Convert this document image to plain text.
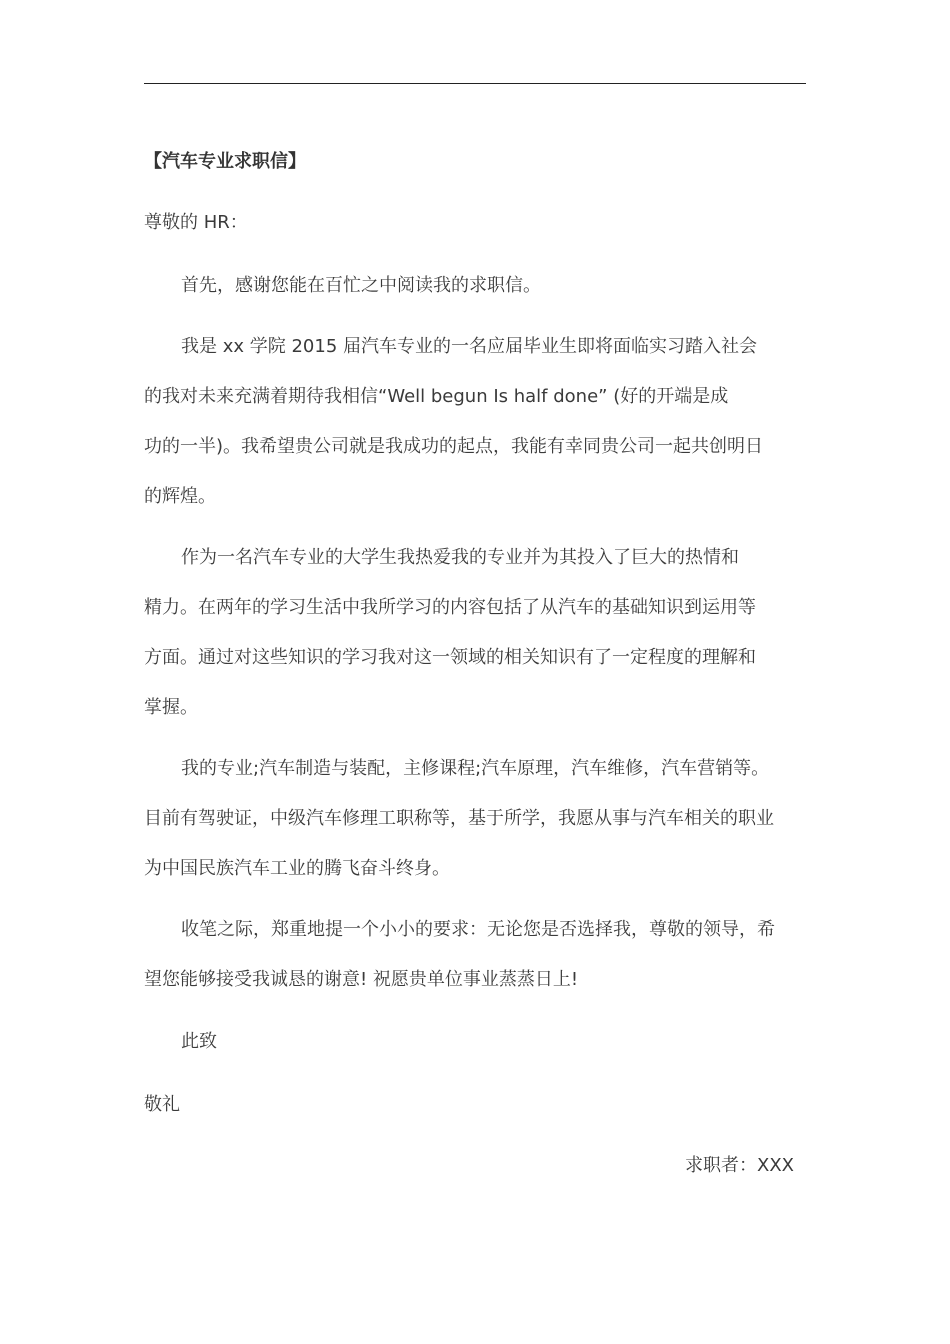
【汽车专业求职信】
尊敬的 HR：
首先，感谢您能在百忙之中阅读我的求职信。
我是 xx 学院 2015 届汽车专业的一名应届毕业生即将面临实习踏入社会
的我对未来充满着期待我相信“Well begun Is half done” (好的开端是成
功的一半)。我希望贵公司就是我成功的起点，我能有幸同贵公司一起共创明日
的辉煌。
作为一名汽车专业的大学生我热爱我的专业并为其投入了巨大的热情和
精力。在两年的学习生活中我所学习的内容包括了从汽车的基础知识到运用等
方面。通过对这些知识的学习我对这一领域的相关知识有了一定程度的理解和
掌握。
我的专业;汽车制造与装配，主修课程;汽车原理，汽车维修，汽车营销等。
目前有驾驶证，中级汽车修理工职称等，基于所学，我愿从事与汽车相关的职业
为中国民族汽车工业的腾飞奋斗终身。
收笔之际，郑重地提一个小小的要求：无论您是否选择我，尊敬的领导，希
望您能够接受我诚恳的谢意! 祝愿贵单位事业蒸蒸日上!
此致
敬礼
求职者：XXX
